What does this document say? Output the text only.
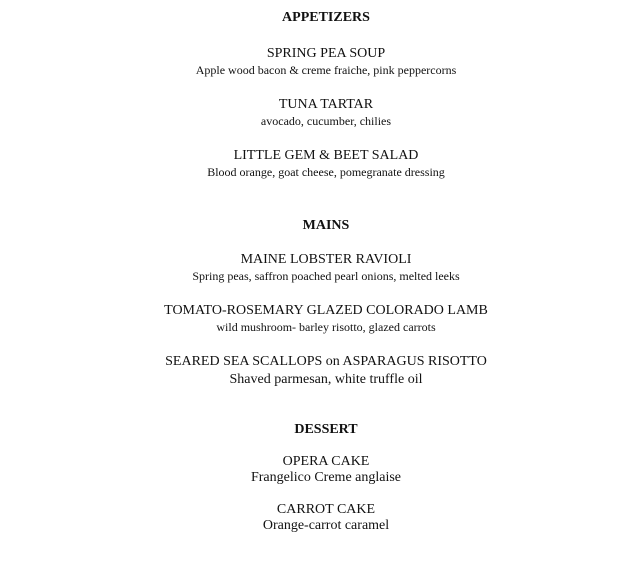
APPETIZERS
SPRING PEA SOUP
Apple wood bacon & creme fraiche, pink peppercorns
TUNA TARTAR
avocado, cucumber, chilies
LITTLE GEM & BEET SALAD
Blood orange, goat cheese, pomegranate dressing
MAINS
MAINE LOBSTER RAVIOLI
Spring peas, saffron poached pearl onions, melted leeks
TOMATO-ROSEMARY GLAZED COLORADO LAMB
wild mushroom- barley risotto, glazed carrots
SEARED SEA SCALLOPS on ASPARAGUS RISOTTO
Shaved parmesan, white truffle oil
DESSERT
OPERA CAKE
Frangelico Creme anglaise
CARROT CAKE
Orange-carrot caramel
